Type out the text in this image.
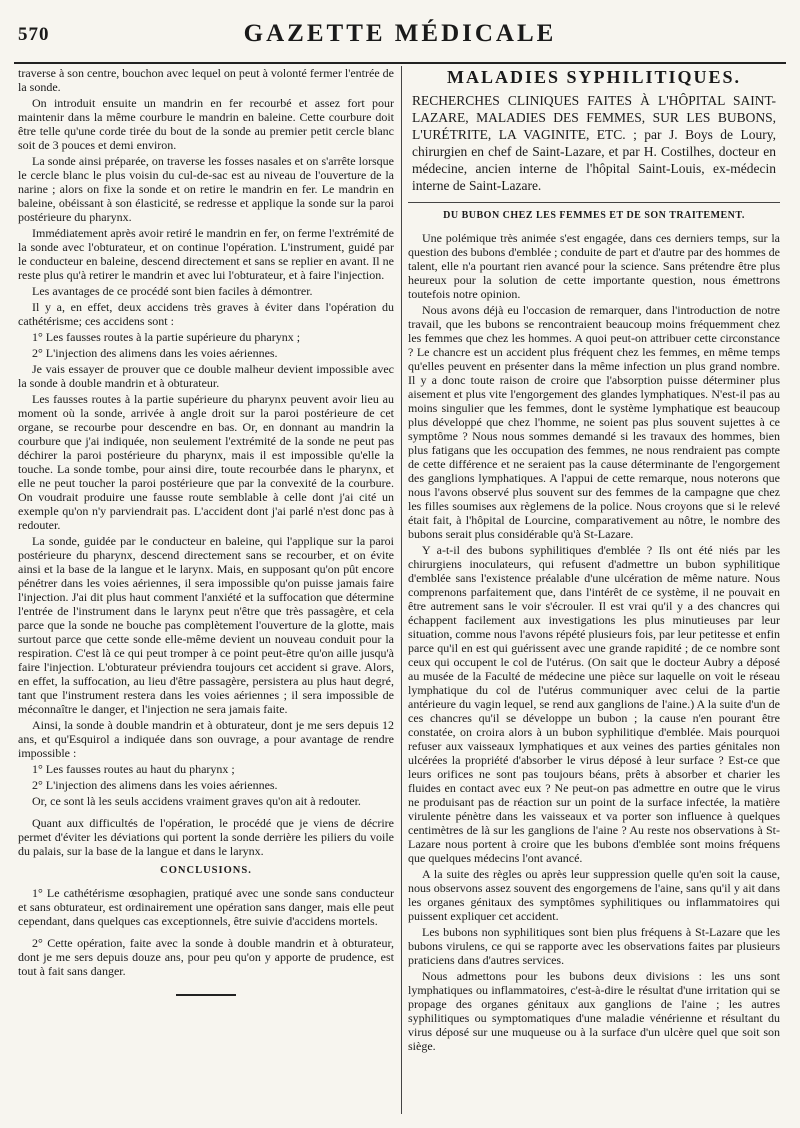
570	GAZETTE MÉDICALE

traverse à son centre, bouchon avec lequel on peut à volonté fermer l'entrée de la sonde.

On introduit ensuite un mandrin en fer recourbé et assez fort pour maintenir dans la même courbure le mandrin en baleine. Cette courbure doit être telle qu'une corde tirée du bout de la sonde au premier petit cercle blanc soit de 3 pouces et demi environ.

La sonde ainsi préparée, on traverse les fosses nasales et on s'arrête lorsque le cercle blanc le plus voisin du cul-de-sac est au niveau de l'ouverture de la narine ; alors on fixe la sonde et on retire le mandrin en fer. Le mandrin en baleine, obéissant à son élasticité, se redresse et applique la sonde sur la paroi postérieure du pharynx.

Immédiatement après avoir retiré le mandrin en fer, on ferme l'extrémité de la sonde avec l'obturateur, et on continue l'opération. L'instrument, guidé par le conducteur en baleine, descend directement et sans se replier en avant. Il ne reste plus qu'à retirer le mandrin et avec lui l'obturateur, et à faire l'injection.

Les avantages de ce procédé sont bien faciles à démontrer.

Il y a, en effet, deux accidens très graves à éviter dans l'opération du cathétérisme; ces accidens sont :

1° Les fausses routes à la partie supérieure du pharynx ;

2° L'injection des alimens dans les voies aériennes.

Je vais essayer de prouver que ce double malheur devient impossible avec la sonde à double mandrin et à obturateur.

Les fausses routes à la partie supérieure du pharynx peuvent avoir lieu au moment où la sonde, arrivée à angle droit sur la paroi postérieure de cet organe, se recourbe pour descendre en bas. Or, en donnant au mandrin la courbure que j'ai indiquée, non seulement l'extrémité de la sonde ne peut pas déchirer la paroi postérieure du pharynx, mais il est impossible qu'elle la touche. La sonde tombe, pour ainsi dire, toute recourbée dans le pharynx, et elle ne peut toucher la paroi postérieure que par la convexité de la courbure. On voudrait produire une fausse route semblable à celle dont j'ai cité un exemple qu'on n'y parviendrait pas. L'accident dont j'ai parlé n'est donc pas à redouter.

La sonde, guidée par le conducteur en baleine, qui l'applique sur la paroi postérieure du pharynx, descend directement sans se recourber, et on évite ainsi et la base de la langue et le larynx. Mais, en supposant qu'on pût encore pénétrer dans les voies aériennes, il sera impossible qu'on puisse jamais faire l'injection. J'ai dit plus haut comment l'anxiété et la suffocation que détermine l'entrée de l'instrument dans le larynx peut n'être que très passagère, et cela parce que la sonde ne bouche pas complètement l'ouverture de la glotte, mais surtout parce que cette sonde elle-même devient un nouveau conduit pour la respiration. C'est là ce qui peut tromper à ce point peut-être qu'on aille jusqu'à faire l'injection. L'obturateur préviendra toujours cet accident si grave. Alors, en effet, la suffocation, au lieu d'être passagère, persistera au plus haut degré, tant que l'instrument restera dans les voies aériennes ; il sera impossible de méconnaître le danger, et l'injection ne sera jamais faite.

Ainsi, la sonde à double mandrin et à obturateur, dont je me sers depuis 12 ans, et qu'Esquirol a indiquée dans son ouvrage, a pour avantage de rendre impossible :

1° Les fausses routes au haut du pharynx ;

2° L'injection des alimens dans les voies aériennes.

Or, ce sont là les seuls accidens vraiment graves qu'on ait à redouter.

Quant aux difficultés de l'opération, le procédé que je viens de décrire permet d'éviter les déviations qui portent la sonde derrière les piliers du voile du palais, sur la base de la langue et dans le larynx.

CONCLUSIONS.

1° Le cathétérisme œsophagien, pratiqué avec une sonde sans conducteur et sans obturateur, est ordinairement une opération sans danger, mais elle peut cependant, dans quelques cas exceptionnels, être suivie d'accidens mortels.

2° Cette opération, faite avec la sonde à double mandrin et à obturateur, dont je me sers depuis douze ans, pour peu qu'on y apporte de prudence, est tout à fait sans danger.

MALADIES SYPHILITIQUES.
RECHERCHES CLINIQUES FAITES À L'HÔPITAL SAINT-LAZARE, MALADIES DES FEMMES, SUR LES BUBONS, L'URÉTRITE, LA VAGINITE, ETC. ; par J. Boys de Loury, chirurgien en chef de Saint-Lazare, et par H. Costilhes, docteur en médecine, ancien interne de l'hôpital Saint-Louis, ex-médecin interne de Saint-Lazare.
DU BUBON CHEZ LES FEMMES ET DE SON TRAITEMENT.

Une polémique très animée s'est engagée, dans ces derniers temps, sur la question des bubons d'emblée ; conduite de part et d'autre par des hommes de talent, elle n'a pourtant rien avancé pour la science. Sans prétendre être plus heureux pour la solution de cette importante question, nous émettrons toutefois notre opinion.

Nous avons déjà eu l'occasion de remarquer, dans l'introduction de notre travail, que les bubons se rencontraient beaucoup moins fréquemment chez les femmes que chez les hommes. A quoi peut-on attribuer cette circonstance ? Le chancre est un accident plus fréquent chez les femmes, en même temps qu'elles peuvent en présenter dans la même infection un plus grand nombre. Il y a donc toute raison de croire que l'absorption puisse déterminer plus aisement et plus vite l'engorgement des glandes lymphatiques. N'est-il pas au moins singulier que les femmes, dont le système lymphatique est beaucoup plus développé que chez l'homme, ne soient pas plus souvent sujettes à ce symptôme ? Nous nous sommes demandé si les travaux des hommes, bien plus fatigans que les occupation des femmes, ne nous rendraient pas compte de cette différence et ne seraient pas la cause déterminante de l'engorgement des ganglions lymphatiques. A l'appui de cette remarque, nous noterons que nous l'avons observé plus souvent sur des femmes de la campagne que chez les filles soumises aux règlemens de la police. Nous croyons que si le relevé était fait, à l'hôpital de Lourcine, comparativement au nôtre, le nombre des bubons serait plus considérable qu'à St-Lazare.

Y a-t-il des bubons syphilitiques d'emblée ? Ils ont été niés par les chirurgiens inoculateurs, qui refusent d'admettre un bubon syphilitique d'emblée sans l'existence préalable d'une ulcération de même nature. Nous comprenons parfaitement que, dans l'intérêt de ce système, il ne pouvait en être autrement sans le voir s'écrouler. Il est vrai qu'il y a des chancres qui échappent facilement aux investigations les plus minutieuses par leur situation, comme nous l'avons répété plusieurs fois, par leur petitesse et enfin parce qu'il en est qui guérissent avec une grande rapidité ; de ce nombre sont ceux qui occupent le col de l'utérus. (On sait que le docteur Aubry a déposé au musée de la Faculté de médecine une pièce sur laquelle on voit le réseau lymphatique du col de l'utérus communiquer avec celui de la partie antérieure du vagin lequel, se rend aux ganglions de l'aine.) A la suite d'un de ces chancres qu'il se développe un bubon ; la cause n'en pourant être constatée, on croira alors à un bubon syphilitique d'emblée. Mais pourquoi refuser aux vaisseaux lymphatiques et aux veines des parties génitales non ulcérées la propriété d'absorber le virus déposé à leur surface ? Est-ce que leurs orifices ne sont pas toujours béans, prêts à absorber et charier les fluides en contact avec eux ? Ne peut-on pas admettre en outre que le virus ne produisant pas de réaction sur un point de la surface infectée, la matière virulente pénètre dans les vaisseaux et va porter son influence à quelques centimètres de là sur les ganglions de l'aine ? Au reste nos observations à St-Lazare nous portent à croire que les bubons d'emblée sont moins fréquens que quelques médecins l'ont avancé.

A la suite des règles ou après leur suppression quelle qu'en soit la cause, nous observons assez souvent des engorgemens de l'aine, sans qu'il y ait dans les organes génitaux des symptômes syphilitiques ou inflammatoires qui puissent expliquer cet accident.

Les bubons non syphilitiques sont bien plus fréquens à St-Lazare que les bubons virulens, ce qui se rapporte avec les observations faites par plusieurs praticiens dans d'autres services.

Nous admettons pour les bubons deux divisions : les uns sont lymphatiques ou inflammatoires, c'est-à-dire le résultat d'une irritation qui se propage des organes génitaux aux ganglions de l'aine ; les autres syphilitiques ou symptomatiques d'une maladie vénérienne et résultant du virus déposé sur une muqueuse ou à la surface d'un ulcère quel que soit son siège.
